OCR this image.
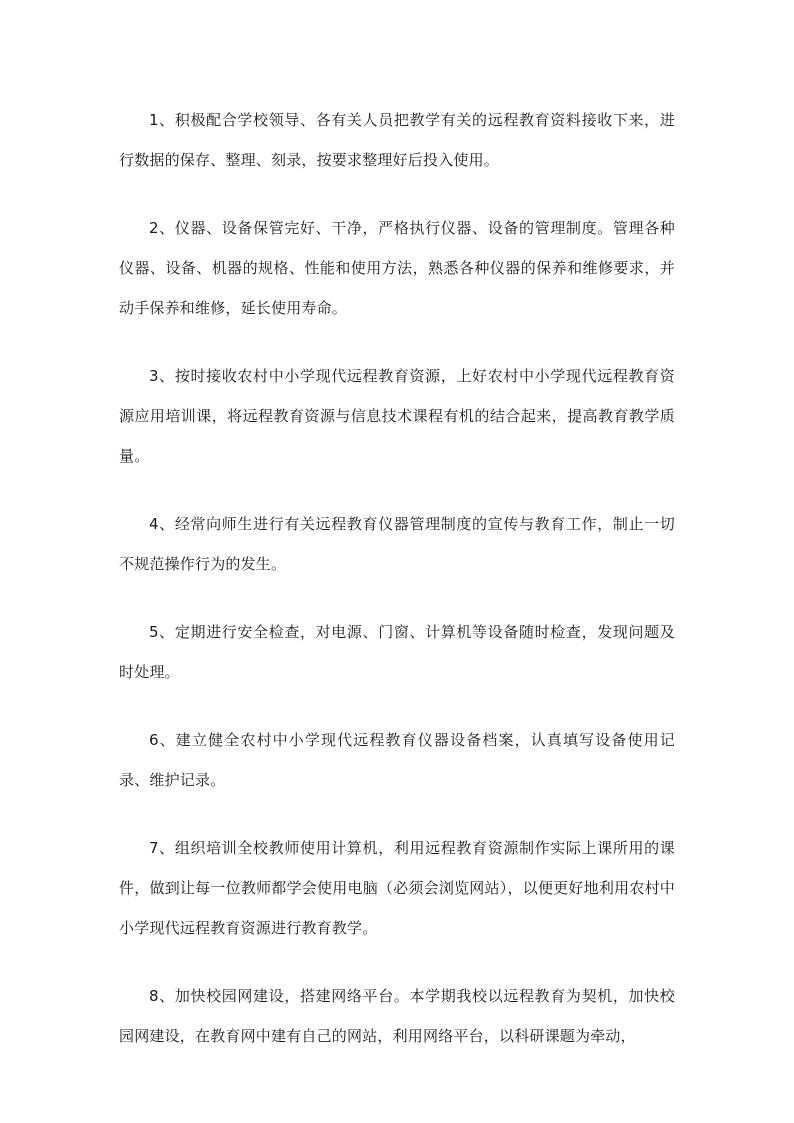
1、积极配合学校领导、各有关人员把教学有关的远程教育资料接收下来，进行数据的保存、整理、刻录，按要求整理好后投入使用。

2、仪器、设备保管完好、干净，严格执行仪器、设备的管理制度。管理各种仪器、设备、机器的规格、性能和使用方法，熟悉各种仪器的保养和维修要求，并动手保养和维修，延长使用寿命。

3、按时接收农村中小学现代远程教育资源，上好农村中小学现代远程教育资源应用培训课，将远程教育资源与信息技术课程有机的结合起来，提高教育教学质量。

4、经常向师生进行有关远程教育仪器管理制度的宣传与教育工作，制止一切不规范操作行为的发生。

5、定期进行安全检查，对电源、门窗、计算机等设备随时检查，发现问题及时处理。

6、建立健全农村中小学现代远程教育仪器设备档案，认真填写设备使用记录、维护记录。

7、组织培训全校教师使用计算机，利用远程教育资源制作实际上课所用的课件，做到让每一位教师都学会使用电脑（必须会浏览网站），以便更好地利用农村中小学现代远程教育资源进行教育教学。

8、加快校园网建设，搭建网络平台。本学期我校以远程教育为契机，加快校园网建设，在教育网中建有自己的网站，利用网络平台，以科研课题为牵动，
